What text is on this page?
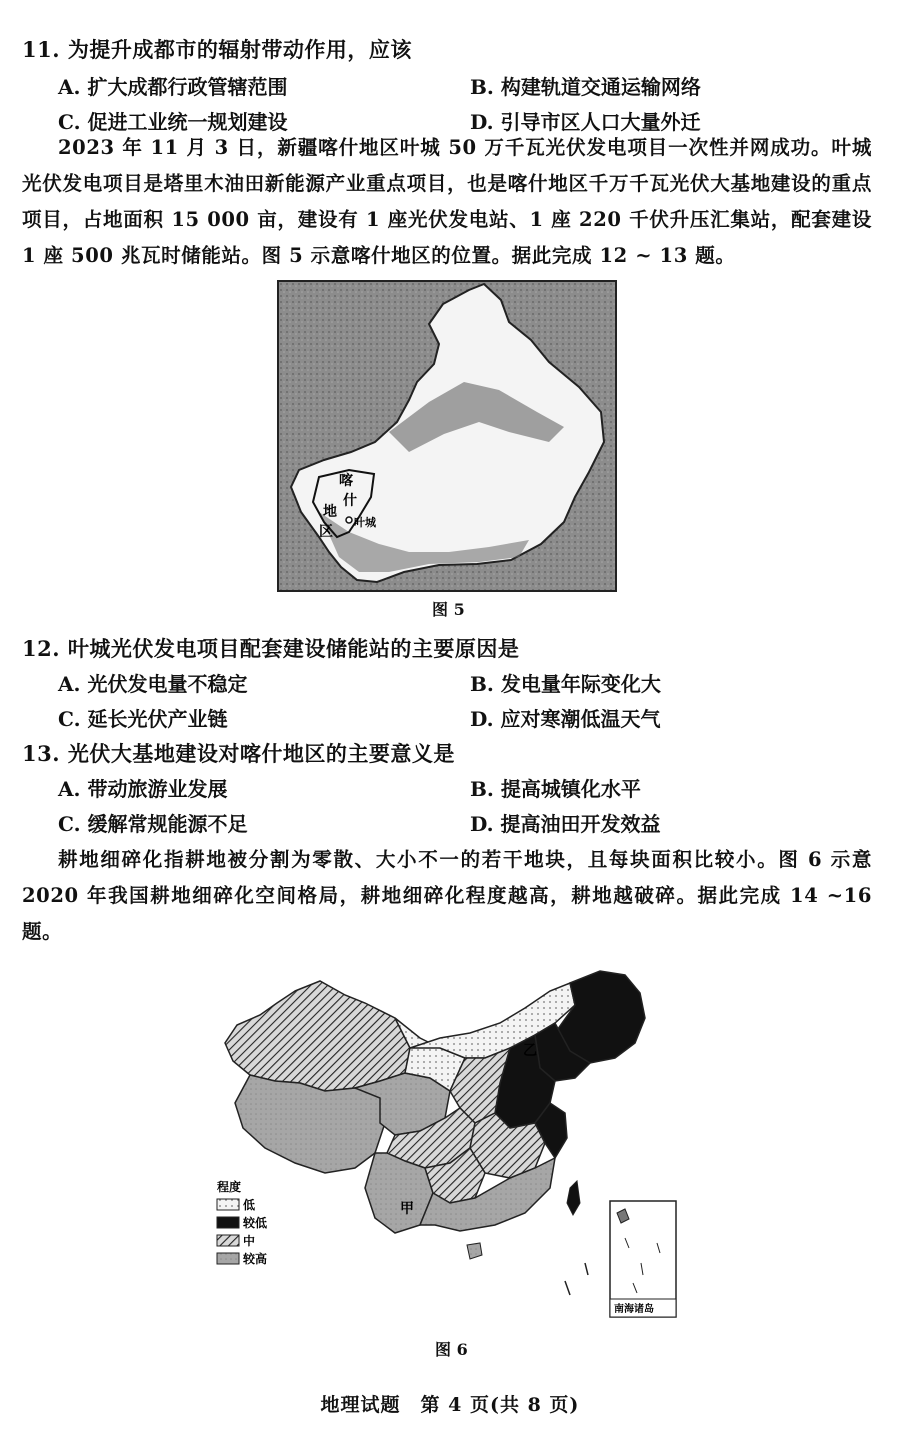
11. 为提升成都市的辐射带动作用，应该
A. 扩大成都行政管辖范围	B. 构建轨道交通运输网络
C. 促进工业统一规划建设	D. 引导市区人口大量外迁
2023 年 11 月 3 日，新疆喀什地区叶城 50 万千瓦光伏发电项目一次性并网成功。叶城光伏发电项目是塔里木油田新能源产业重点项目，也是喀什地区千万千瓦光伏大基地建设的重点项目，占地面积 15 000 亩，建设有 1 座光伏发电站、1 座 220 千伏升压汇集站，配套建设 1 座 500 兆瓦时储能站。图 5 示意喀什地区的位置。据此完成 12 ~ 13 题。
喀
什
地
区
叶城
图 5
12. 叶城光伏发电项目配套建设储能站的主要原因是
A. 光伏发电量不稳定	B. 发电量年际变化大
C. 延长光伏产业链	D. 应对寒潮低温天气
13. 光伏大基地建设对喀什地区的主要意义是
A. 带动旅游业发展	B. 提高城镇化水平
C. 缓解常规能源不足	D. 提高油田开发效益
耕地细碎化指耕地被分割为零散、大小不一的若干地块，且每块面积比较小。图 6 示意2020 年我国耕地细碎化空间格局，耕地细碎化程度越高，耕地越破碎。据此完成 14 ~16 题。
乙
甲
程度
低
较低
中
较高
南海诸岛
图 6
地理试题　第 4 页(共 8 页)
